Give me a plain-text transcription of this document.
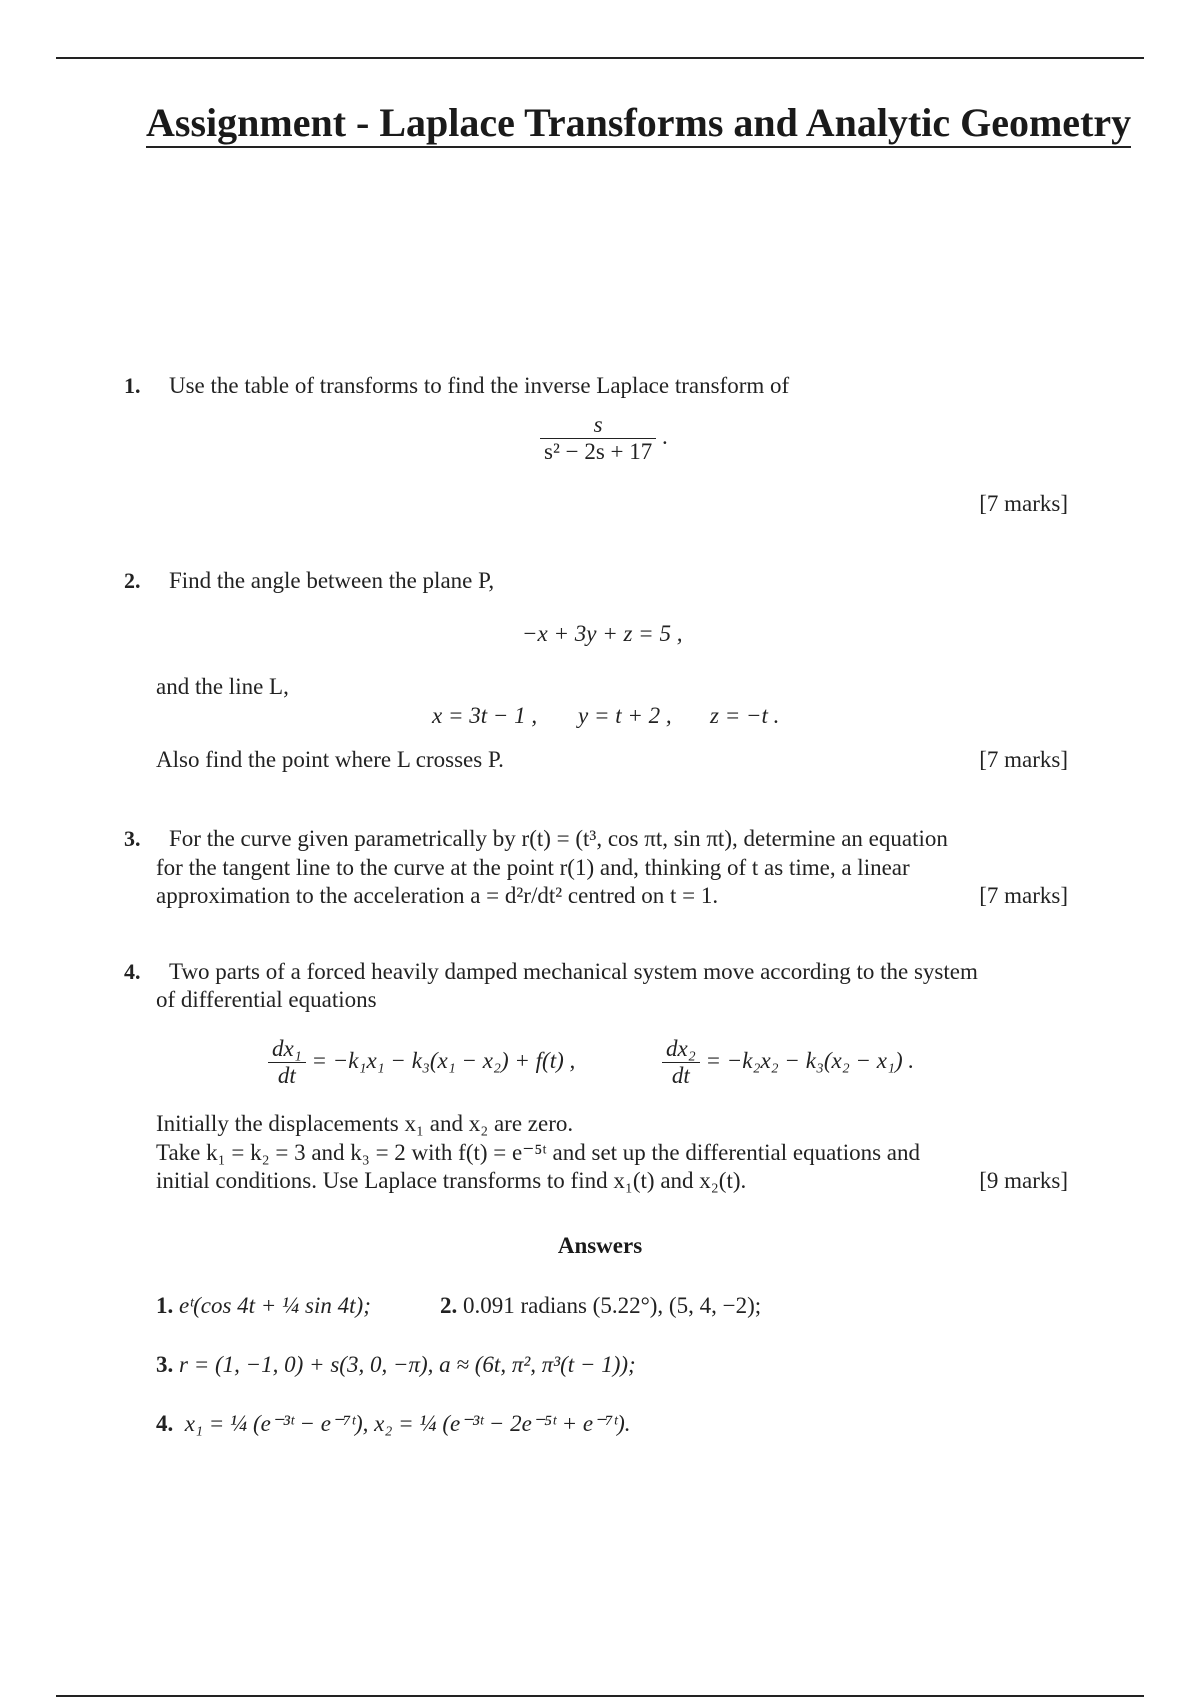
Assignment - Laplace Transforms and Analytic Geometry
1. Use the table of transforms to find the inverse Laplace transform of
$\frac{s}{\text{s² − 2s + 17}}$ .
[7 marks]
2. Find the angle between the plane P,
−x + 3y + z = 5 ,
and the line L,
x = 3t − 1 , y = t + 2 , z = −t .
Also find the point where L crosses P.	[7 marks]
3. For the curve given parametrically by r(t) = (t³, cos πt, sin πt), determine an equation
for the tangent line to the curve at the point r(1) and, thinking of t as time, a linear
approximation to the acceleration a = d²r/dt² centred on t = 1.	[7 marks]
4. Two parts of a forced heavily damped mechanical system move according to the system
of differential equations
$\frac{\text{dx₁}}{dt} = -k_1x_1 - k_3(x_1 - x_2) + f(t)$ ,	$\frac{\text{dx₂}}{dt} = -k_2x_2 - k_3(x_2 - x_1)$ .
Initially the displacements x₁ and x₂ are zero.
Take k₁ = k₂ = 3 and k₃ = 2 with f(t) = e⁻⁵ᵗ and set up the differential equations and
initial conditions. Use Laplace transforms to find x₁(t) and x₂(t).	[9 marks]
Answers
1. eᵗ(cos 4t + ¼ sin 4t);	2. 0.091 radians (5.22°), (5, 4, −2);
3. r = (1, −1, 0) + s(3, 0, −π), a ≈ (6t, π², π³(t − 1));
4. x₁ = ¼ (e⁻³ᵗ − e⁻⁷ᵗ), x₂ = ¼ (e⁻³ᵗ − 2e⁻⁵ᵗ + e⁻⁷ᵗ).
